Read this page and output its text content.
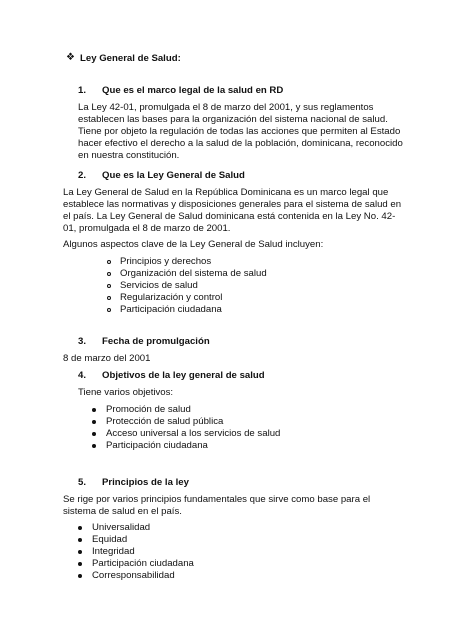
❖ Ley General de Salud:
1. Que es el marco legal de la salud en RD
La Ley 42-01, promulgada el 8 de marzo del 2001, y sus reglamentos
establecen las bases para la organización del sistema nacional de salud.
Tiene por objeto la regulación de todas las acciones que permiten al Estado
hacer efectivo el derecho a la salud de la población, dominicana, reconocido
en nuestra constitución.
2. Que es la Ley General de Salud
La Ley General de Salud en la República Dominicana es un marco legal que
establece las normativas y disposiciones generales para el sistema de salud en
el país. La Ley General de Salud dominicana está contenida en la Ley No. 42-
01, promulgada el 8 de marzo de 2001.
Algunos aspectos clave de la Ley General de Salud incluyen:
Principios y derechos
Organización del sistema de salud
Servicios de salud
Regularización y control
Participación ciudadana
3. Fecha de promulgación
8 de marzo del 2001
4. Objetivos de la ley general de salud
Tiene varios objetivos:
Promoción de salud
Protección de salud pública
Acceso universal a los servicios de salud
Participación ciudadana
5. Principios de la ley
Se rige por varios principios fundamentales que sirve como base para el
sistema de salud en el país.
Universalidad
Equidad
Integridad
Participación ciudadana
Corresponsabilidad
